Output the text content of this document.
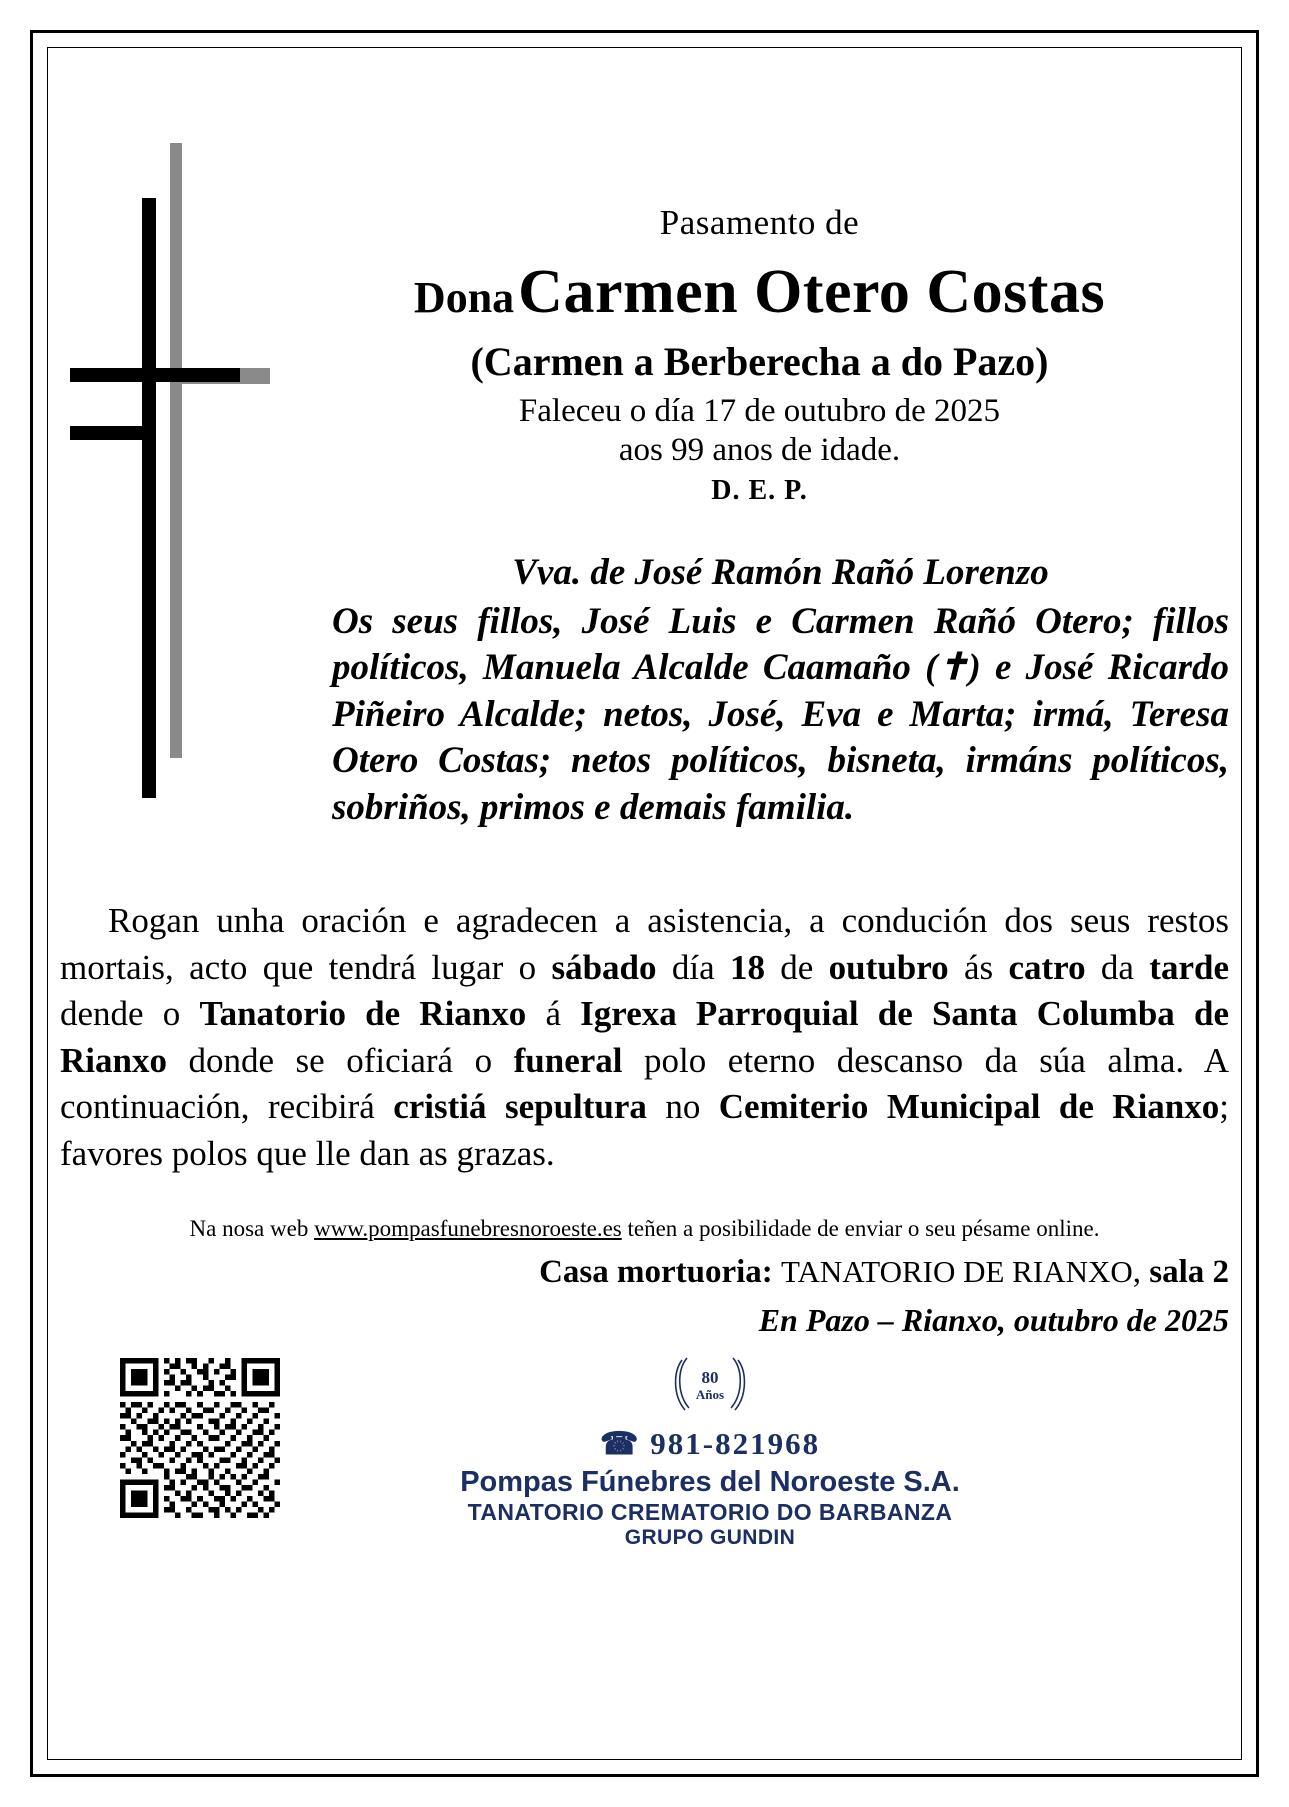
Pasamento de
Dona Carmen Otero Costas
(Carmen a Berberecha a do Pazo)
Faleceu o día 17 de outubro de 2025
aos 99 anos de idade.
D. E. P.
Vva. de José Ramón Rañó Lorenzo
Os seus fillos, José Luis e Carmen Rañó Otero; fillos políticos, Manuela Alcalde Caamaño (✝) e José Ricardo Piñeiro Alcalde; netos, José, Eva e Marta; irmá, Teresa Otero Costas; netos políticos, bisneta, irmáns políticos, sobriños, primos e demais familia.
Rogan unha oración e agradecen a asistencia, a condución dos seus restos mortais, acto que tendrá lugar o sábado día 18 de outubro ás catro da tarde dende o Tanatorio de Rianxo á Igrexa Parroquial de Santa Columba de Rianxo donde se oficiará o funeral polo eterno descanso da súa alma. A continuación, recibirá cristiá sepultura no Cemiterio Municipal de Rianxo; favores polos que lle dan as grazas.
Na nosa web www.pompasfunebresnoroeste.es teñen a posibilidade de enviar o seu pésame online.
Casa mortuoria: TANATORIO DE RIANXO, sala 2
En Pazo – Rianxo, outubro de 2025
80
Años
☎ 981-821968
Pompas Fúnebres del Noroeste S.A.
TANATORIO CREMATORIO DO BARBANZA
GRUPO GUNDIN
